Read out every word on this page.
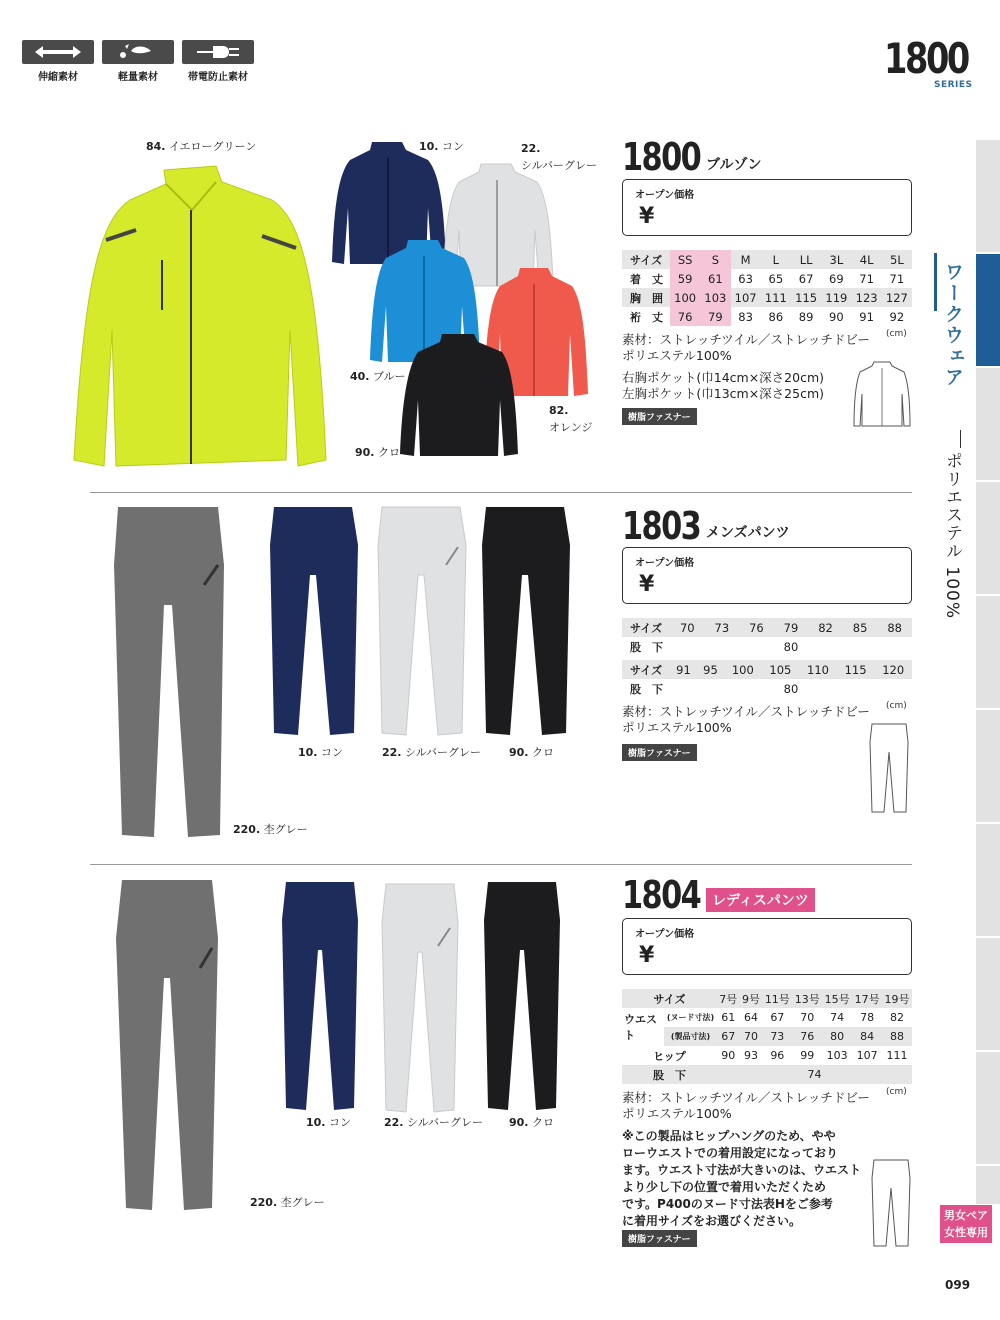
伸縮素材	軽量素材	帯電防止素材	1800
SERIES
ワークウェア
ポリエステル 100%
84. イエローグリーン	10. コン	22.
シルバーグレー
40. ブルー
82.
オレンジ
90. クロ
10. コン	22. シルバーグレー	90. クロ
220. 杢グレー
10. コン	22. シルバーグレー 90. クロ
220. 杢グレー
1800 ブルゾン
オープン価格
¥
サイズ	SS	S	M	L	LL	3L	4L	5L
着　丈	59	61	63	65	67	69	71	71
胸　囲	100	103	107	111	115	119	123	127
裄　丈	76	79	83	86	89	90	91	92
(cm)
素材：ストレッチツイル／ストレッチドビー
ポリエステル100%
右胸ポケット(巾14cm×深さ20cm)
左胸ポケット(巾13cm×深さ25cm)
樹脂ファスナー
1803 メンズパンツ
オープン価格
¥
サイズ	70	73	76	79	82	85	88
股　下	80						
サイズ	91	95	100	105	110	115	120
股　下	80						
(cm)
素材：ストレッチツイル／ストレッチドビー
ポリエステル100%
樹脂ファスナー
1804 レディスパンツ
オープン価格
¥
サイズ		7号	9号	11号	13号	15号	17号	19号
ウエスト	(ヌード寸法)	61	64	67	70	74	78	82
	(製品寸法)	67	70	73	76	80	84	88
ヒップ		90	93	96	99	103	107	111
股　下		74						
(cm)
素材：ストレッチツイル／ストレッチドビー
ポリエステル100%
※この製品はヒップハングのため、やや
ローウエストでの着用設定になっており
ます。ウエスト寸法が大きいのは、ウエスト
より少し下の位置で着用いただくため
です。P400のヌード寸法表Hをご参考
に着用サイズをお選びください。
樹脂ファスナー
男女ペア
女性専用
099
